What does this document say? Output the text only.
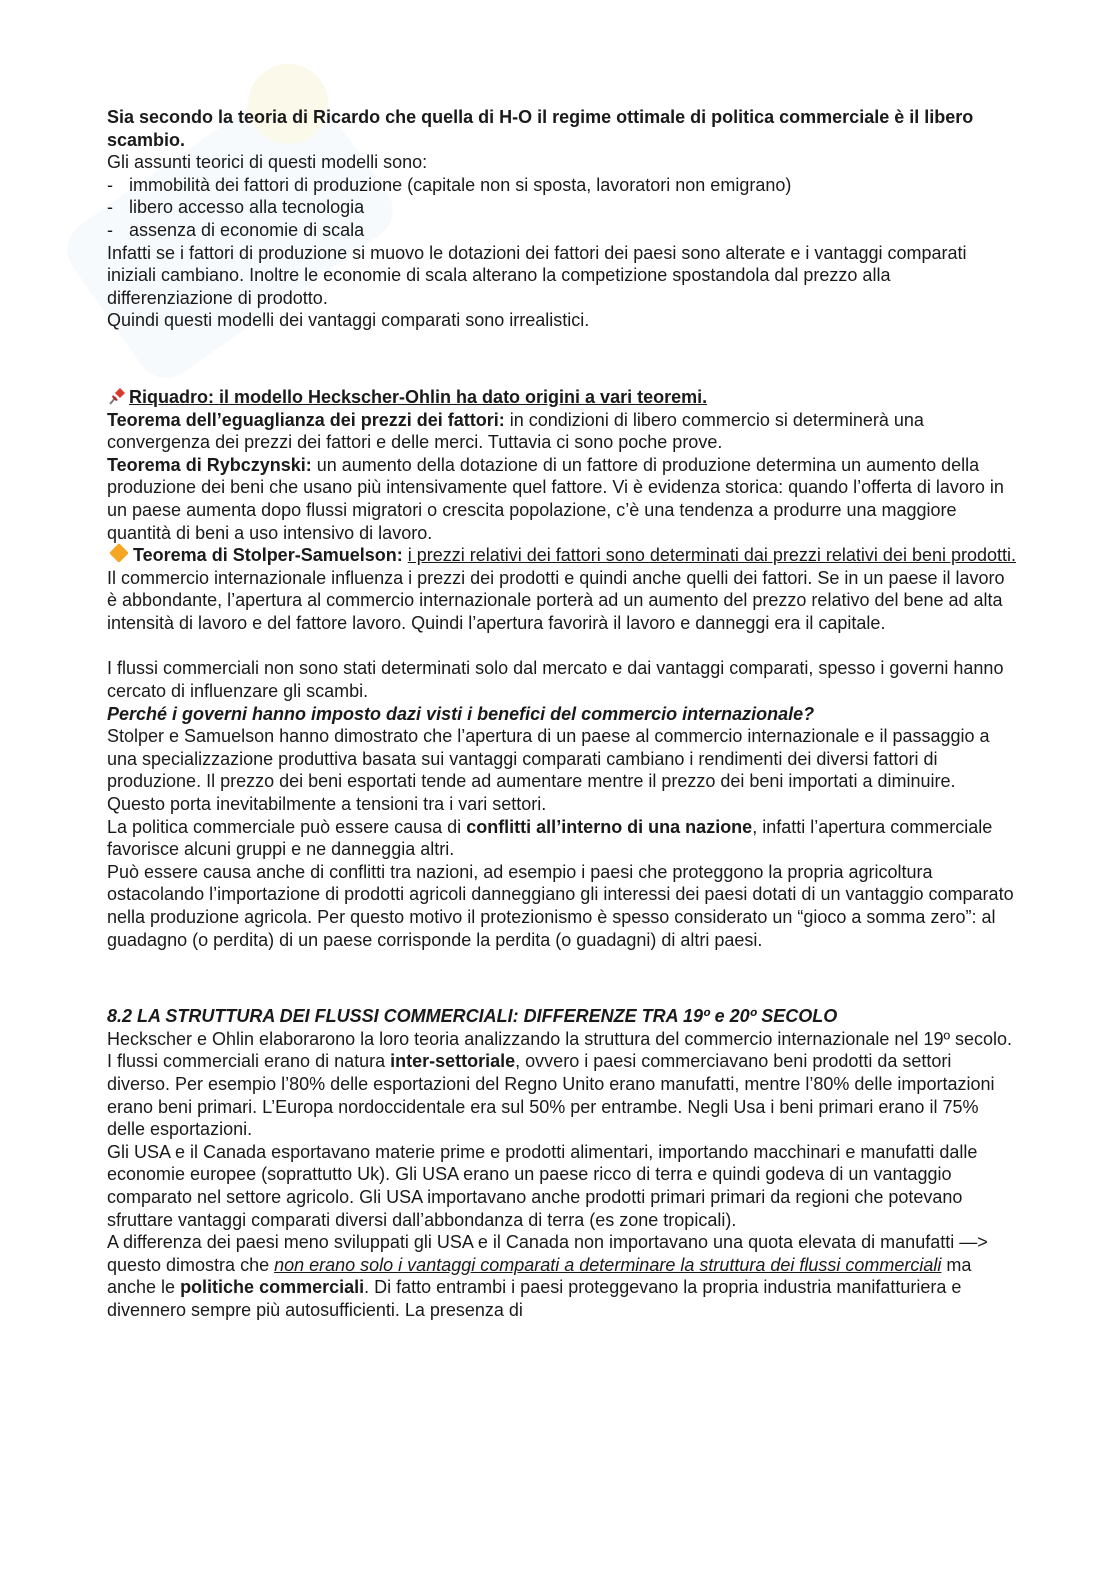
Sia secondo la teoria di Ricardo che quella di H-O il regime ottimale di politica commerciale è il libero scambio.

Gli assunti teorici di questi modelli sono:

- immobilità dei fattori di produzione (capitale non si sposta, lavoratori non emigrano)
- libero accesso alla tecnologia
- assenza di economie di scala

Infatti se i fattori di produzione si muovo le dotazioni dei fattori dei paesi sono alterate e i vantaggi comparati iniziali cambiano. Inoltre le economie di scala alterano la competizione spostandola dal prezzo alla differenziazione di prodotto.

Quindi questi modelli dei vantaggi comparati sono irrealistici.

Riquadro: il modello Heckscher-Ohlin ha dato origini a vari teoremi.

Teorema dell’eguaglianza dei prezzi dei fattori: in condizioni di libero commercio si determinerà una convergenza dei prezzi dei fattori e delle merci. Tuttavia ci sono poche prove.

Teorema di Rybczynski: un aumento della dotazione di un fattore di produzione determina un aumento della produzione dei beni che usano più intensivamente quel fattore. Vi è evidenza storica: quando l’offerta di lavoro in un paese aumenta dopo flussi migratori o crescita popolazione, c’è una tendenza a produrre una maggiore quantità di beni a uso intensivo di lavoro.

Teorema di Stolper-Samuelson: i prezzi relativi dei fattori sono determinati dai prezzi relativi dei beni prodotti. Il commercio internazionale influenza i prezzi dei prodotti e quindi anche quelli dei fattori. Se in un paese il lavoro è abbondante, l’apertura al commercio internazionale porterà ad un aumento del prezzo relativo del bene ad alta intensità di lavoro e del fattore lavoro. Quindi l’apertura favorirà il lavoro e danneggi era il capitale.

I flussi commerciali non sono stati determinati solo dal mercato e dai vantaggi comparati, spesso i governi hanno cercato di influenzare gli scambi.

Perché i governi hanno imposto dazi visti i benefici del commercio internazionale?

Stolper e Samuelson hanno dimostrato che l’apertura di un paese al commercio internazionale e il passaggio a una specializzazione produttiva basata sui vantaggi comparati cambiano i rendimenti dei diversi fattori di produzione. Il prezzo dei beni esportati tende ad aumentare mentre il prezzo dei beni importati a diminuire.

Questo porta inevitabilmente a tensioni tra i vari settori.

La politica commerciale può essere causa di conflitti all’interno di una nazione, infatti l’apertura commerciale favorisce alcuni gruppi e ne danneggia altri.

Può essere causa anche di conflitti tra nazioni, ad esempio i paesi che proteggono la propria agricoltura ostacolando l’importazione di prodotti agricoli danneggiano gli interessi dei paesi dotati di un vantaggio comparato nella produzione agricola. Per questo motivo il protezionismo è spesso considerato un “gioco a somma zero”: al guadagno (o perdita) di un paese corrisponde la perdita (o guadagni) di altri paesi.

8.2 LA STRUTTURA DEI FLUSSI COMMERCIALI: DIFFERENZE TRA 19º e 20º SECOLO

Heckscher e Ohlin elaborarono la loro teoria analizzando la struttura del commercio internazionale nel 19º secolo. I flussi commerciali erano di natura inter-settoriale, ovvero i paesi commerciavano beni prodotti da settori diverso. Per esempio l’80% delle esportazioni del Regno Unito erano manufatti, mentre l’80% delle importazioni erano beni primari. L’Europa nordoccidentale era sul 50% per entrambe. Negli Usa i beni primari erano il 75% delle esportazioni.

Gli USA e il Canada esportavano materie prime e prodotti alimentari, importando macchinari e manufatti dalle economie europee (soprattutto Uk). Gli USA erano un paese ricco di terra e quindi godeva di un vantaggio comparato nel settore agricolo. Gli USA importavano anche prodotti primari primari da regioni che potevano sfruttare vantaggi comparati diversi dall’abbondanza di terra (es zone tropicali).

A differenza dei paesi meno sviluppati gli USA e il Canada non importavano una quota elevata di manufatti —> questo dimostra che non erano solo i vantaggi comparati a determinare la struttura dei flussi commerciali ma anche le politiche commerciali. Di fatto entrambi i paesi proteggevano la propria industria manifatturiera e divennero sempre più autosufficienti. La presenza di
